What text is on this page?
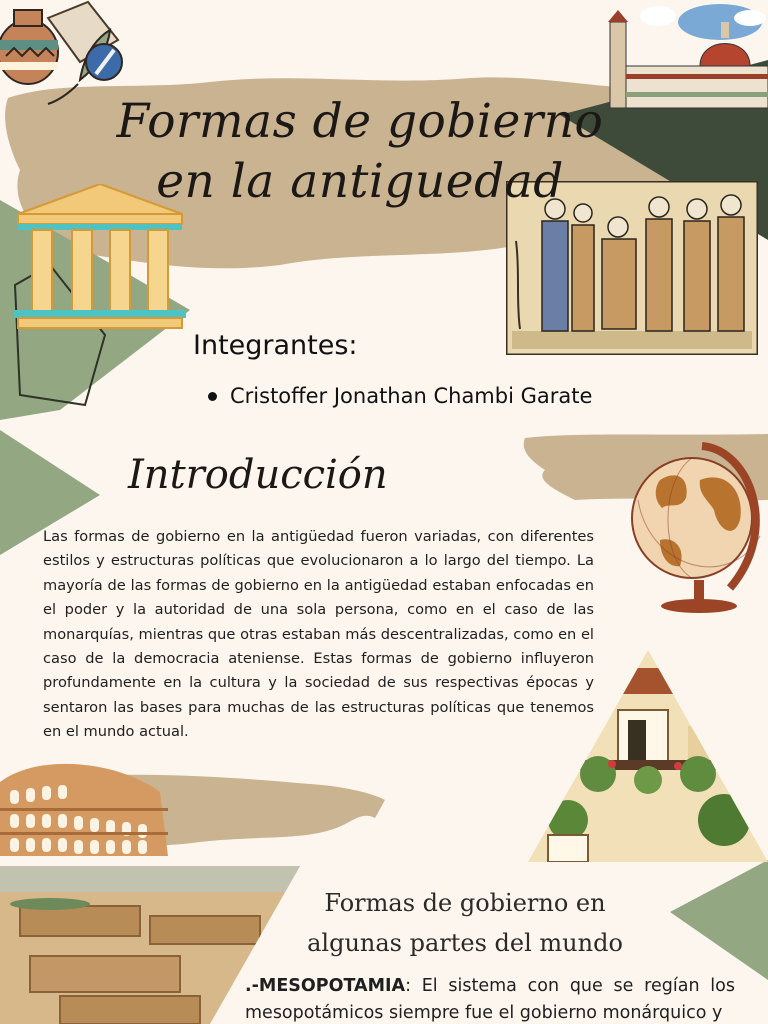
Formas de gobierno en la antiguedad
Integrantes:
Cristoffer Jonathan Chambi Garate
Introducción
Las formas de gobierno en la antigüedad fueron variadas, con diferentes estilos y estructuras políticas que evolucionaron a lo largo del tiempo. La mayoría de las formas de gobierno en la antigüedad estaban enfocadas en el poder y la autoridad de una sola persona, como en el caso de las monarquías, mientras que otras estaban más descentralizadas, como en el caso de la democracia ateniense. Estas formas de gobierno influyeron profundamente en la cultura y la sociedad de sus respectivas épocas y sentaron las bases para muchas de las estructuras políticas que tenemos en el mundo actual.
Formas de gobierno en
algunas partes del mundo
.-MESOPOTAMIA: El sistema con que se regían los mesopotámicos siempre fue el gobierno monárquico y
